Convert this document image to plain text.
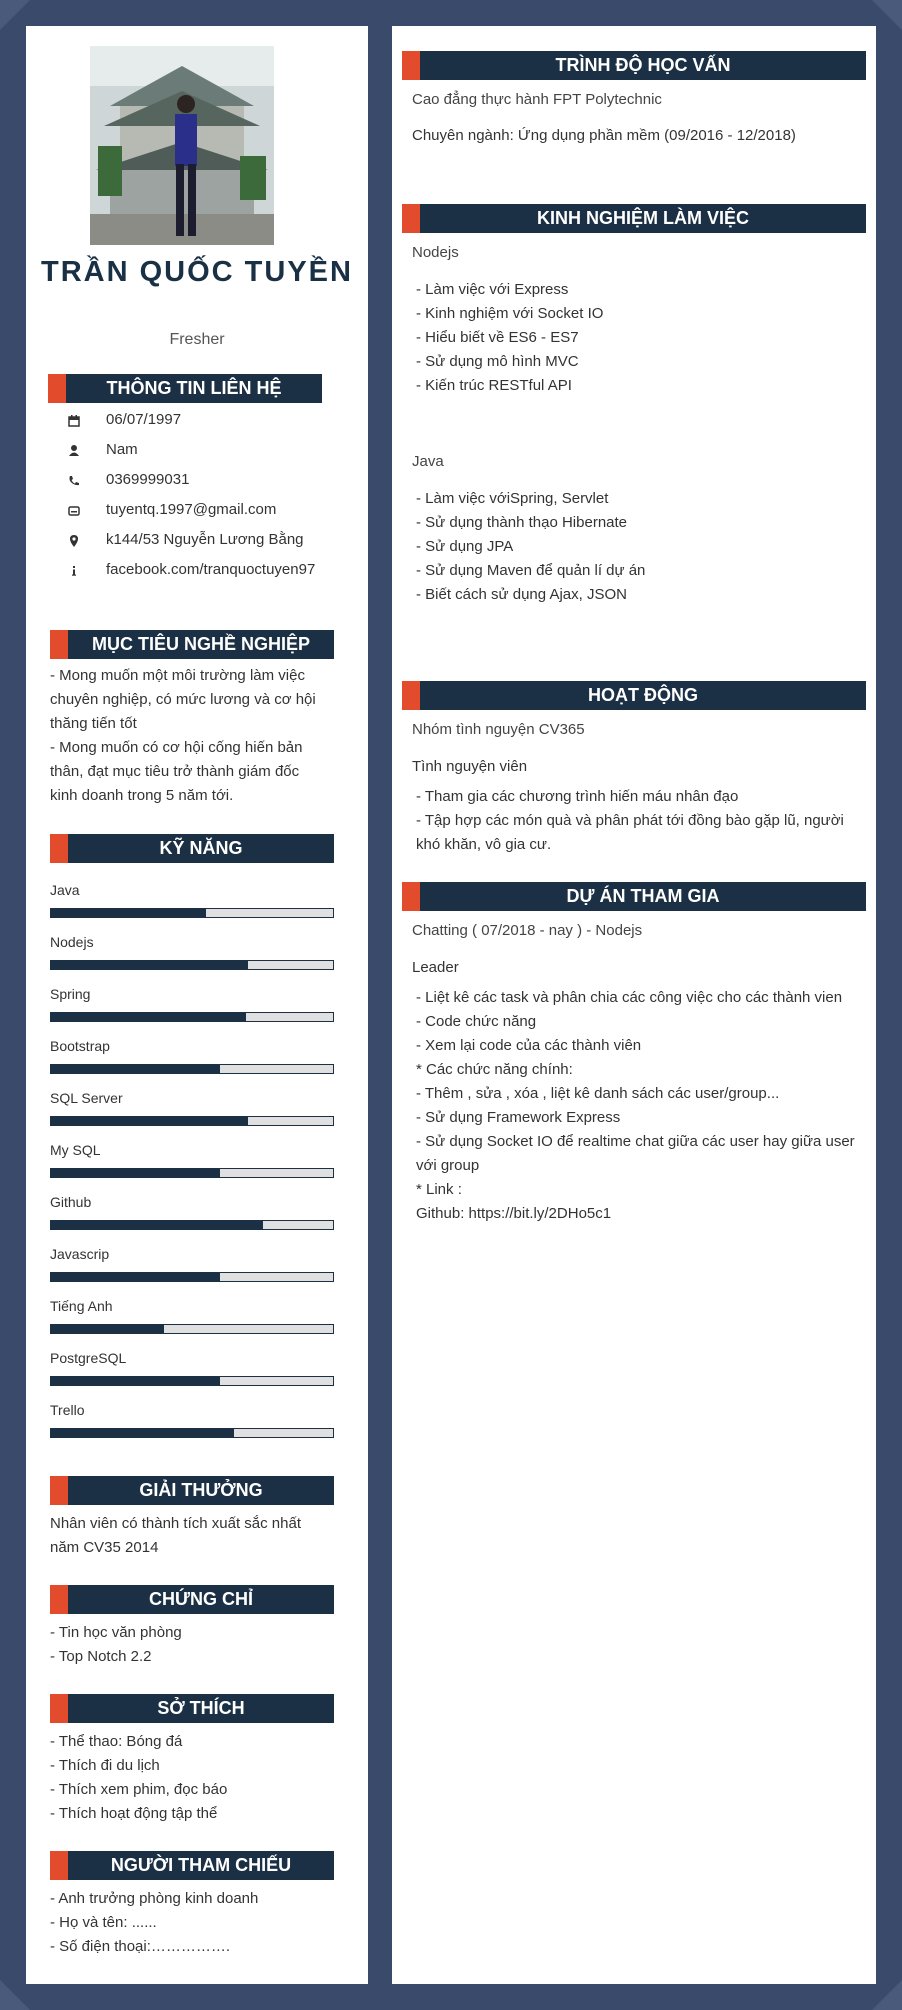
TRẦN QUỐC TUYỀN
Fresher
THÔNG TIN LIÊN HỆ
06/07/1997
Nam
0369999031
tuyentq.1997@gmail.com
k144/53 Nguyễn Lương Bằng
facebook.com/tranquoctuyen97
MỤC TIÊU NGHỀ NGHIỆP
- Mong muốn một môi trường làm việc
chuyên nghiệp, có mức lương và cơ hội
thăng tiến tốt
- Mong muốn có cơ hội cống hiến bản
thân, đạt mục tiêu trở thành giám đốc
kinh doanh trong 5 năm tới.
KỸ NĂNG
Java
Nodejs
Spring
Bootstrap
SQL Server
My SQL
Github
Javascrip
Tiếng Anh
PostgreSQL
Trello
GIẢI THƯỞNG
Nhân viên có thành tích xuất sắc nhất
năm CV35 2014
CHỨNG CHỈ
- Tin học văn phòng
- Top Notch 2.2
SỞ THÍCH
- Thể thao: Bóng đá
- Thích đi du lịch
- Thích xem phim, đọc báo
- Thích hoạt động tập thể
NGƯỜI THAM CHIẾU
- Anh trưởng phòng kinh doanh
- Họ và tên: ......
- Số điện thoại:…………….
TRÌNH ĐỘ HỌC VẤN
Cao đẳng thực hành FPT Polytechnic
Chuyên ngành: Ứng dụng phần mềm (09/2016 - 12/2018)
KINH NGHIỆM LÀM VIỆC
Nodejs
- Làm việc với Express
- Kinh nghiệm với Socket IO
- Hiểu biết về ES6 - ES7
- Sử dụng mô hình MVC
- Kiến trúc RESTful API
Java
- Làm việc vớiSpring, Servlet
- Sử dụng thành thạo Hibernate
- Sử dụng JPA
- Sử dụng Maven để quản lí dự án
- Biết cách sử dụng Ajax, JSON
HOẠT ĐỘNG
Nhóm tình nguyện CV365
Tình nguyện viên
- Tham gia các chương trình hiến máu nhân đạo
- Tập hợp các món quà và phân phát tới đồng bào gặp lũ, người
khó khăn, vô gia cư.
DỰ ÁN THAM GIA
Chatting ( 07/2018 - nay ) - Nodejs
Leader
- Liệt kê các task và phân chia các công việc cho các thành vien
- Code chức năng
- Xem lại code của các thành viên
* Các chức năng chính:
- Thêm , sửa , xóa , liệt kê danh sách các user/group...
- Sử dụng Framework Express
- Sử dụng Socket IO để realtime chat giữa các user hay giữa user
với group
* Link :
Github: https://bit.ly/2DHo5c1
